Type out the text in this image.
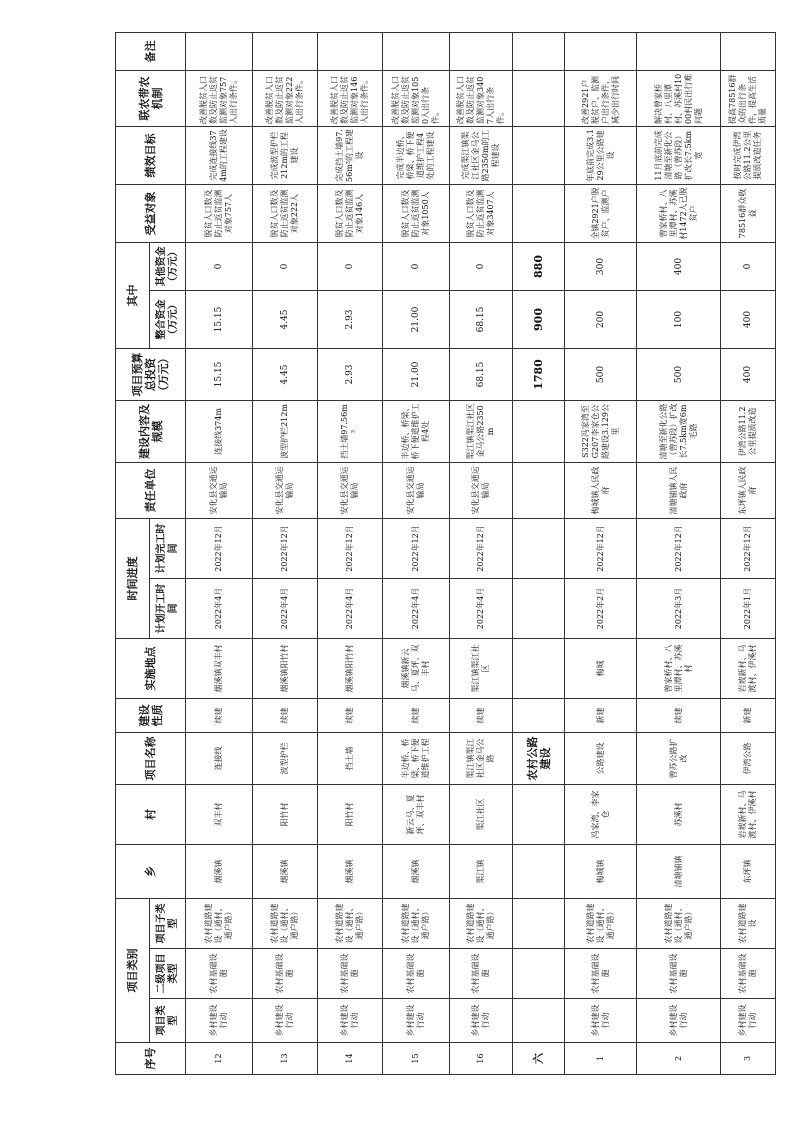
序号	项目类别			乡	村	项目名称	建设性质	实施地点	时间进度		责任单位	建设内容及规模	项目预算总投资（万元）	其中		受益对象	绩效目标	联农带农机制	备注
	项目类型	二级项目类型	项目子类型						计划开工时间	计划完工时间				整合资金（万元）	其他资金（万元）				
12	乡村建设行动	农村基础设施	农村道路建设（通村、通户路）	烟溪镇	双丰村	连接线	续建	烟溪镇双丰村	2022年4月	2022年12月	安化县交通运输局	连接线374m	15.15	15.15	0	脱贫人口数及防止返贫监测对象757人	完成连接线374m的工程建设	改善脱贫人口数及防止返贫监测对象757人出行条件。	
13	乡村建设行动	农村基础设施	农村道路建设（通村、通户路）	烟溪镇	阳竹村	波型护栏	续建	烟溪镇阳竹村	2022年4月	2022年12月	安化县交通运输局	波型护栏212m	4.45	4.45	0	脱贫人口数及防止返贫监测对象222人	完成波型护栏212m的工程建设	改善脱贫人口数及防止返贫监测对象222人出行条件。	
14	乡村建设行动	农村基础设施	农村道路建设（通村、通户路）	烟溪镇	阳竹村	挡土墙	续建	烟溪镇阳竹村	2022年4月	2022年12月	安化县交通运输局	挡土墙97.56m³	2.93	2.93	0	脱贫人口数及防止返贫监测对象146人	完成挡土墙97.56m³的工程建设	改善脱贫人口数及防止返贫监测对象146人出行条件。	
15	乡村建设行动	农村基础设施	农村道路建设（通村、通户路）	烟溪镇	新云马、夏坪、双丰村	半边桥、桥梁、桥下便道维护工程	续建	烟溪镇新云马、夏坪、双丰村	2022年4月	2022年12月	安化县交通运输局	半边桥、桥梁、桥下便道维护工程4处	21.00	21.00	0	脱贫人口数及防止返贫监测对象1050人	完成半边桥、桥梁、桥下便道维护工程4处的工程建设	改善脱贫人口数及防止返贫监测对象1050人出行条件。	
16	乡村建设行动	农村基础设施	农村道路建设（通村、通户路）	渠江镇	渠江社区	渠江镇渠江社区金马公路	续建	渠江镇渠江社区	2022年4月	2022年12月	安化县交通运输局	渠江镇渠江社区金马公路2350m	68.15	68.15	0	脱贫人口数及防止返贫监测对象3407人	完成渠江镇渠江社区金马公路2350m的工程建设	改善脱贫人口数及防止返贫监测对象3407人出行条件。	
六						农村公路建设							1780	900	880				
1	乡村建设行动	农村基础设施	农村道路建设（通村、通户路）	梅城镇	冯家湾、李家仓	公路建设	新建	梅城	2022年2月	2022年12月	梅城镇人民政府	S322冯家湾至G207李家仓公路建设3.129公里	500	200	300	全镇2921户脱贫户、监测户	年底前完成3.129公里公路建设	改善2921户脱贫户、监测户出行条件，减少出行时间	
2	乡村建设行动	农村基础设施	农村道路建设（通村、通户路）	清塘铺镇	苏溪村	曾苏公路扩改	续建	曾家桥村、八里潭村、苏溪村	2022年3月	2022年12月	清塘铺镇人民政府	清塘至新化公路（曾苏段）扩改长7.5km宽6m毛路	500	100	400	曾家桥村、八里潭村、苏溪村1472人已脱贫户	11月底前完成清塘至新化公路（曾苏段）扩改长7.5km宽	解决曾家桥村、八里潭村、苏溪村1000村民出行难问题	
3	乡村建设行动	农村基础设施	农村道路建设	东坪镇	岩坡新村、马渡村、伊溪村	伊湾公路	新建	岩坡新村、马渡村、伊溪村	2022年1月	2022年12月	东坪镇人民政府	伊湾公路11.2公里提质改造	400	400	0	78516群众收益	按时完成伊湾公路11.2公里提质改造任务	提高78516群众的出行条件，提高生活质量	
